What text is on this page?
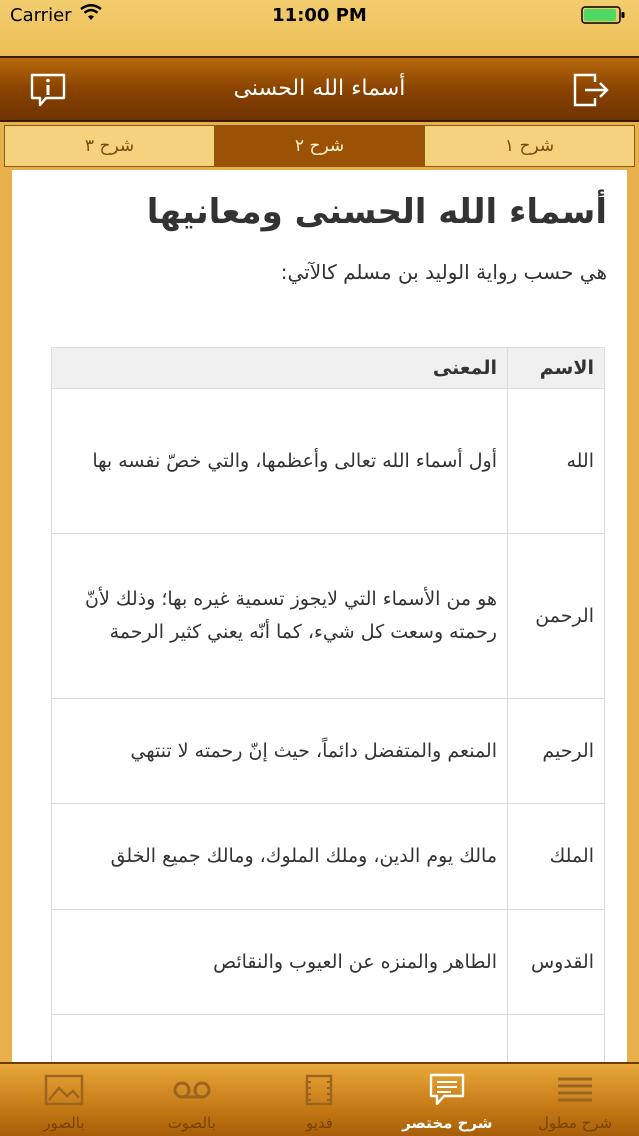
Carrier	11:00 PM
أسماء الله الحسنى
شرح ٣	شرح ٢	شرح ١
أسماء الله الحسنى ومعانيها
هي حسب رواية الوليد بن مسلم كالآتي:
الاسم	المعنى
الله	أول أسماء الله تعالى وأعظمها، والتي خصّ نفسه بها
الرحمن	هو من الأسماء التي لايجوز تسمية غيره بها؛ وذلك لأنّ رحمته وسعت كل شيء، كما أنّه يعني كثير الرحمة
الرحيم	المنعم والمتفضل دائماً، حيث إنّ رحمته لا تنتهي
الملك	مالك يوم الدين، وملك الملوك، ومالك جميع الخلق
القدوس	الطاهر والمنزه عن العيوب والنقائص

بالصور	بالصوت	فديو	شرح مختصر	شرح مطول
